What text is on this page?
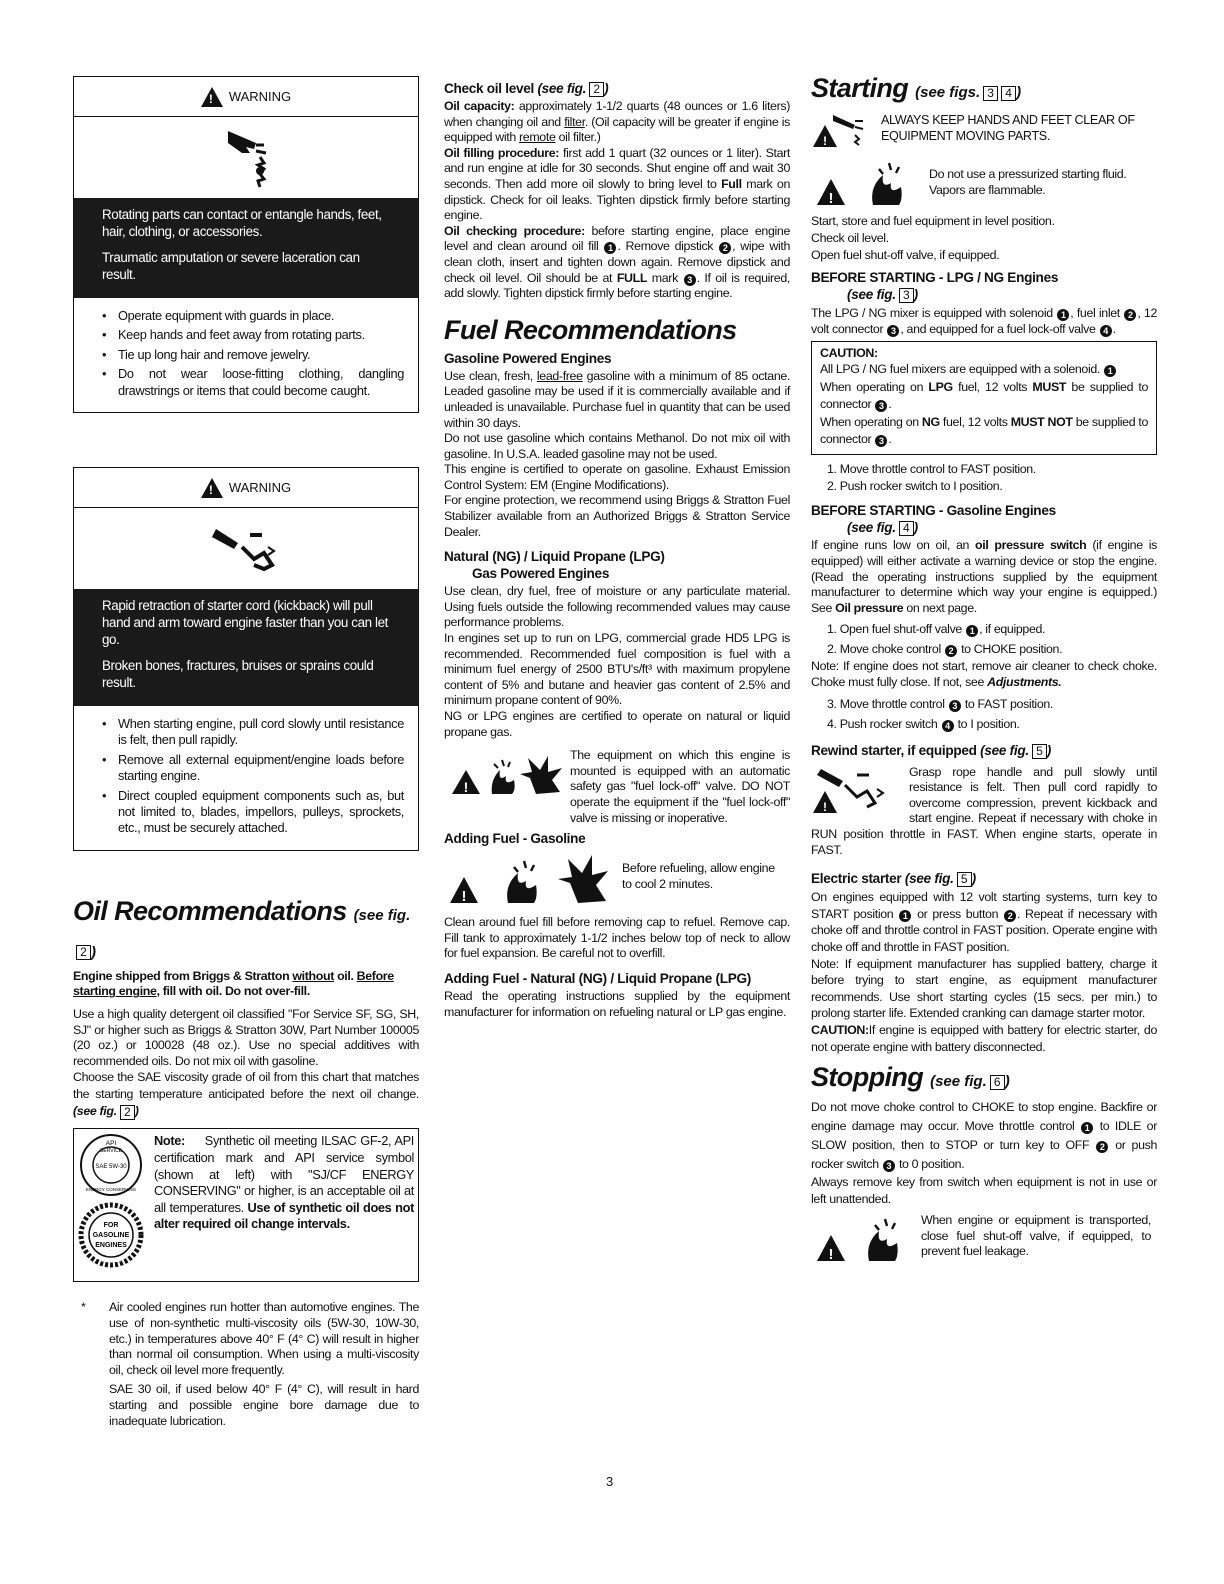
!
WARNING

Rotating parts can contact or entangle hands, feet, hair, clothing, or accessories.

Traumatic amputation or severe laceration can result.

• Operate equipment with guards in place.
• Keep hands and feet away from rotating parts.
• Tie up long hair and remove jewelry.
• Do not wear loose-fitting clothing, dangling drawstrings or items that could become caught.
!
WARNING

Rapid retraction of starter cord (kickback) will pull hand and arm toward engine faster than you can let go.

Broken bones, fractures, bruises or sprains could result.

• When starting engine, pull cord slowly until resistance is felt, then pull rapidly.
• Remove all external equipment/engine loads before starting engine.
• Direct coupled equipment components such as, but not limited to, blades, impellors, pulleys, sprockets, etc., must be securely attached.
Oil Recommendations (see fig.2 )

Engine shipped from Briggs & Stratton without oil. Before starting engine, fill with oil. Do not over-fill.

Use a high quality detergent oil classified "For Service SF, SG, SH, SJ" or higher such as Briggs & Stratton 30W, Part Number 100005 (20 oz.) or 100028 (48 oz.). Use no special additives with recommended oils. Do not mix oil with gasoline.

Choose the SAE viscosity grade of oil from this chart that matches the starting temperature anticipated before the next oil change. (see fig. 2 )

API
SERVICE
SAE 5W-30
ENERGY CONSERVING

FOR
GASOLINE
ENGINES
CERTIFIED
Note: Synthetic oil meeting ILSAC GF-2, API certification mark and API service symbol (shown at left) with "SJ/CF ENERGY CONSERVING" or higher, is an acceptable oil at all temperatures. Use of synthetic oil does not alter required oil change intervals.
*	Air cooled engines run hotter than automotive engines. The use of non-synthetic multi-viscosity oils (5W-30, 10W-30, etc.) in temperatures above 40° F (4° C) will result in higher than normal oil consumption. When using a multi-viscosity oil, check oil level more frequently.

SAE 30 oil, if used below 40° F (4° C), will result in hard starting and possible engine bore damage due to inadequate lubrication.

Check oil level (see fig. 2 )

Oil capacity: approximately 1-1/2 quarts (48 ounces or 1.6 liters) when changing oil and filter. (Oil capacity will be greater if engine is equipped with remote oil filter.)

Oil filling procedure: first add 1 quart (32 ounces or 1 liter). Start and run engine at idle for 30 seconds. Shut engine off and wait 30 seconds. Then add more oil slowly to bring level to Full mark on dipstick. Check for oil leaks. Tighten dipstick firmly before starting engine.

Oil checking procedure: before starting engine, place engine level and clean around oil fill 1 . Remove dipstick 2 , wipe with clean cloth, insert and tighten down again. Remove dipstick and check oil level. Oil should be at FULL mark 3 . If oil is required, add slowly. Tighten dipstick firmly before starting engine.

Fuel Recommendations
Gasoline Powered Engines

Use clean, fresh, lead-free gasoline with a minimum of 85 octane. Leaded gasoline may be used if it is commercially available and if unleaded is unavailable. Purchase fuel in quantity that can be used within 30 days.

Do not use gasoline which contains Methanol. Do not mix oil with gasoline. In U.S.A. leaded gasoline may not be used.

This engine is certified to operate on gasoline. Exhaust Emission Control System: EM (Engine Modifications).

For engine protection, we recommend using Briggs & Stratton Fuel Stabilizer available from an Authorized Briggs & Stratton Service Dealer.

Natural (NG) / Liquid Propane (LPG)
Gas Powered Engines

Use clean, dry fuel, free of moisture or any particulate material. Using fuels outside the following recommended values may cause performance problems.

In engines set up to run on LPG, commercial grade HD5 LPG is recommended. Recommended fuel composition is fuel with a minimum fuel energy of 2500 BTU's/ft³ with maximum propylene content of 5% and butane and heavier gas content of 2.5% and minimum propane content of 90%.

NG or LPG engines are certified to operate on natural or liquid propane gas.

!

The equipment on which this engine is mounted is equipped with an automatic safety gas "fuel lock-off" valve. DO NOT operate the equipment if the "fuel lock-off" valve is missing or inoperative.

Adding Fuel - Gasoline
!

Before refueling, allow engine to cool 2 minutes.

Clean around fuel fill before removing cap to refuel. Remove cap. Fill tank to approximately 1-1/2 inches below top of neck to allow for fuel expansion. Be careful not to overfill.

Adding Fuel - Natural (NG) / Liquid Propane (LPG)

Read the operating instructions supplied by the equipment manufacturer for information on refueling natural or LP gas engine.

Starting (see figs. 3 4 )
!

ALWAYS KEEP HANDS AND FEET CLEAR OF EQUIPMENT MOVING PARTS.

!

Do not use a pressurized starting fluid. Vapors are flammable.

Start, store and fuel equipment in level position.

Check oil level.

Open fuel shut-off valve, if equipped.

BEFORE STARTING - LPG / NG Engines
(see fig. 3 )

The LPG / NG mixer is equipped with solenoid 1 , fuel inlet 2 , 12 volt connector 3 , and equipped for a fuel lock-off valve 4 .

CAUTION:

All LPG / NG fuel mixers are equipped with a solenoid. 1

When operating on LPG fuel, 12 volts MUST be supplied to connector 3 .

When operating on NG fuel, 12 volts MUST NOT be supplied to connector 3 .

1. Move throttle control to FAST position.
2. Push rocker switch to I position.
BEFORE STARTING - Gasoline Engines
(see fig. 4 )

If engine runs low on oil, an oil pressure switch (if engine is equipped) will either activate a warning device or stop the engine. (Read the operating instructions supplied by the equipment manufacturer to determine which way your engine is equipped.) See Oil pressure on next page.

1. Open fuel shut-off valve 1 , if equipped.
2. Move choke control 2 to CHOKE position.

Note: If engine does not start, remove air cleaner to check choke. Choke must fully close. If not, see Adjustments.

3. Move throttle control 3 to FAST position.
4. Push rocker switch 4 to I position.
Rewind starter, if equipped (see fig. 5 )
!

Grasp rope handle and pull slowly until resistance is felt. Then pull cord rapidly to overcome compression, prevent kickback and start engine. Repeat if necessary with choke in RUN position throttle in FAST. When engine starts, operate in FAST.

Electric starter (see fig. 5 )

On engines equipped with 12 volt starting systems, turn key to START position 1 or press button 2 . Repeat if necessary with choke off and throttle control in FAST position. Operate engine with choke off and throttle in FAST position.

Note: If equipment manufacturer has supplied battery, charge it before trying to start engine, as equipment manufacturer recommends. Use short starting cycles (15 secs. per min.) to prolong starter life. Extended cranking can damage starter motor.

CAUTION:If engine is equipped with battery for electric starter, do not operate engine with battery disconnected.

Stopping (see fig. 6 )

Do not move choke control to CHOKE to stop engine. Backfire or engine damage may occur. Move throttle control 1 to IDLE or SLOW position, then to STOP or turn key to OFF 2 or push rocker switch 3 to 0 position.

Always remove key from switch when equipment is not in use or left unattended.

!

When engine or equipment is transported, close fuel shut-off valve, if equipped, to prevent fuel leakage.

3
